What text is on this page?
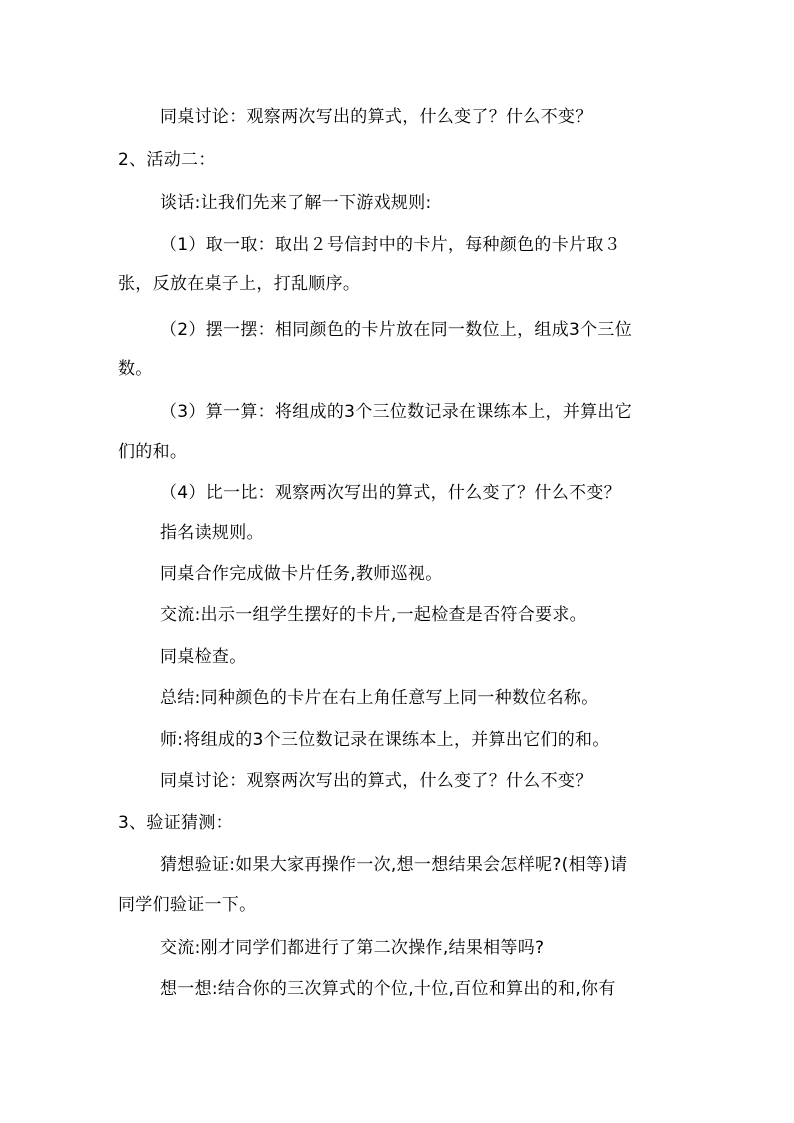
同桌讨论：观察两次写出的算式，什么变了？什么不变？
2、活动二：
谈话:让我们先来了解一下游戏规则:
（1）取一取：取出２号信封中的卡片，每种颜色的卡片取３
张，反放在桌子上，打乱顺序。
（2）摆一摆：相同颜色的卡片放在同一数位上，组成3个三位
数。
（3）算一算：将组成的3个三位数记录在课练本上，并算出它
们的和。
（4）比一比：观察两次写出的算式，什么变了？什么不变？
指名读规则。
同桌合作完成做卡片任务,教师巡视。
交流:出示一组学生摆好的卡片,一起检查是否符合要求。
同桌检查。
总结:同种颜色的卡片在右上角任意写上同一种数位名称。
师:将组成的3个三位数记录在课练本上，并算出它们的和。
同桌讨论：观察两次写出的算式，什么变了？什么不变？
3、验证猜测：
猜想验证:如果大家再操作一次,想一想结果会怎样呢?(相等)请
同学们验证一下。
交流:刚才同学们都进行了第二次操作,结果相等吗?
想一想:结合你的三次算式的个位,十位,百位和算出的和,你有
